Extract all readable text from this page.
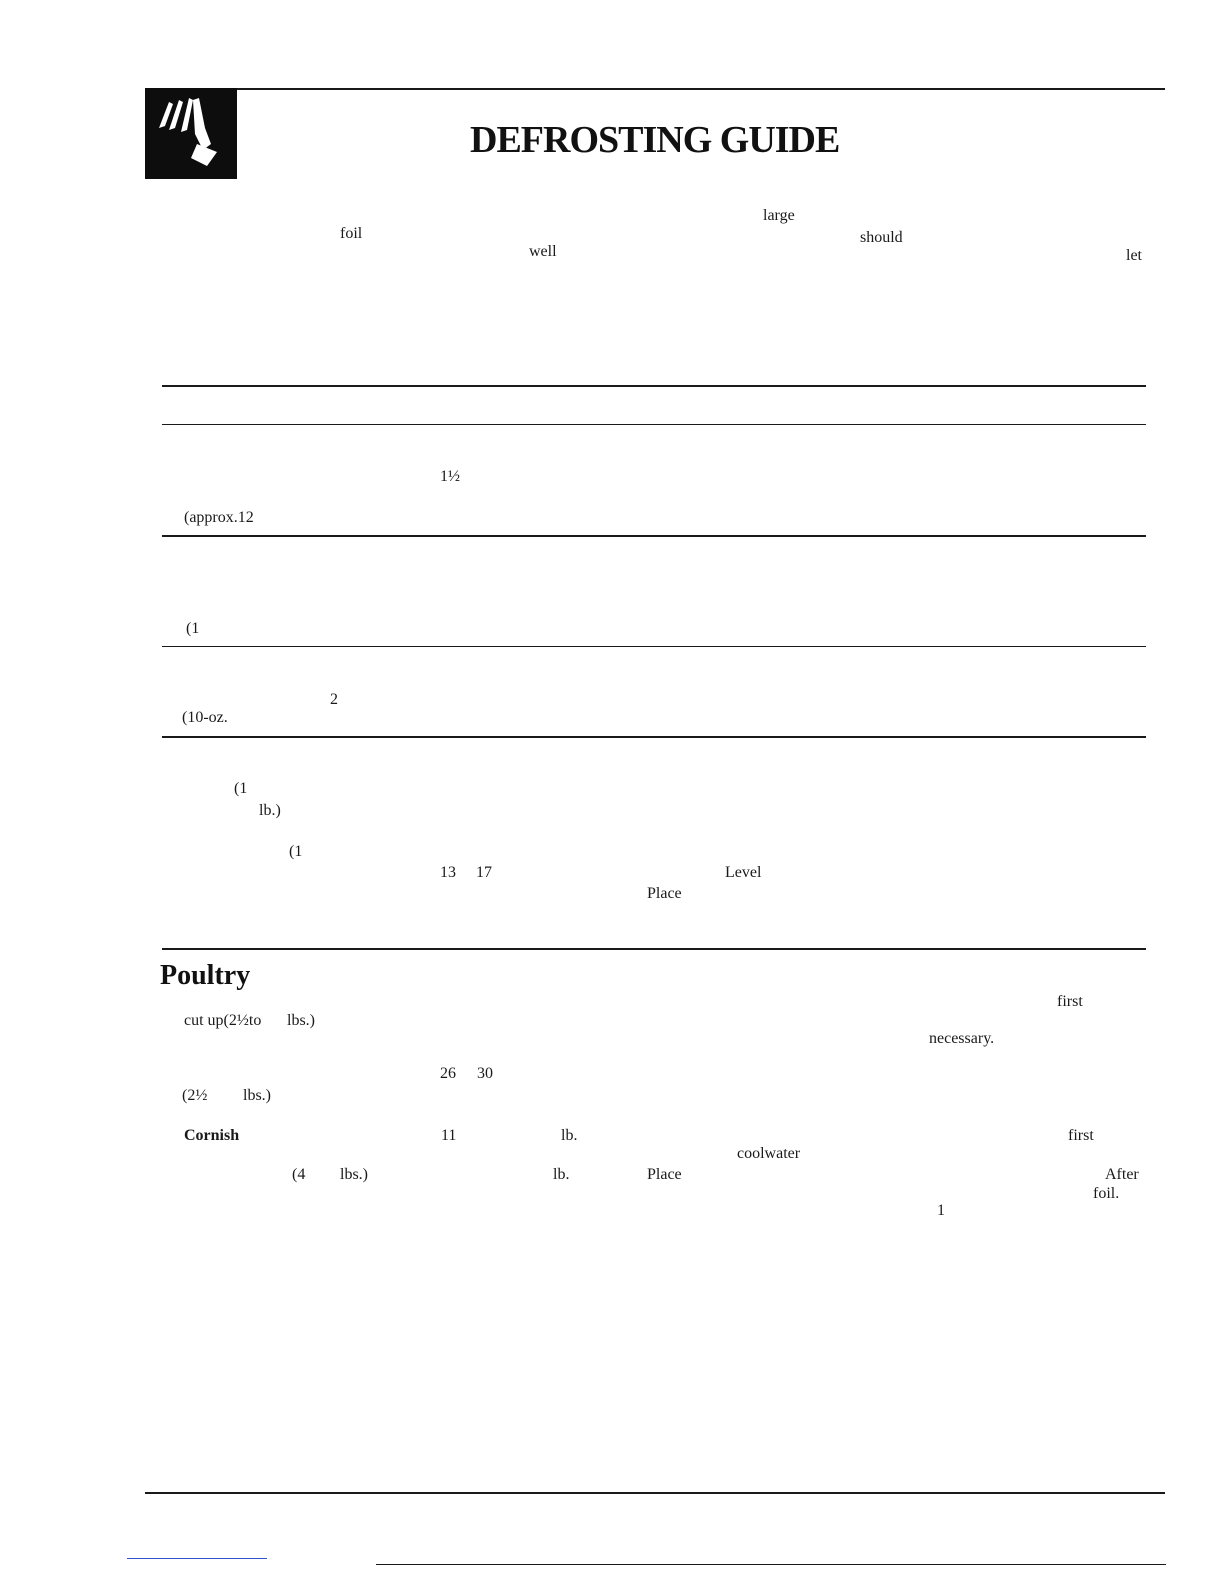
DEFROSTING GUIDE
large
foil	should
well	let
1½
(approx.12
(1
2
(10-oz.
(1
lb.)
(1
13 17	Level
Place
Poultry
first
cut up(2½to lbs.)
necessary.
26 30
(2½ lbs.)
Cornish	11	lb.	first
coolwater
(4 lbs.)	lb.	Place	After
foil.
1
